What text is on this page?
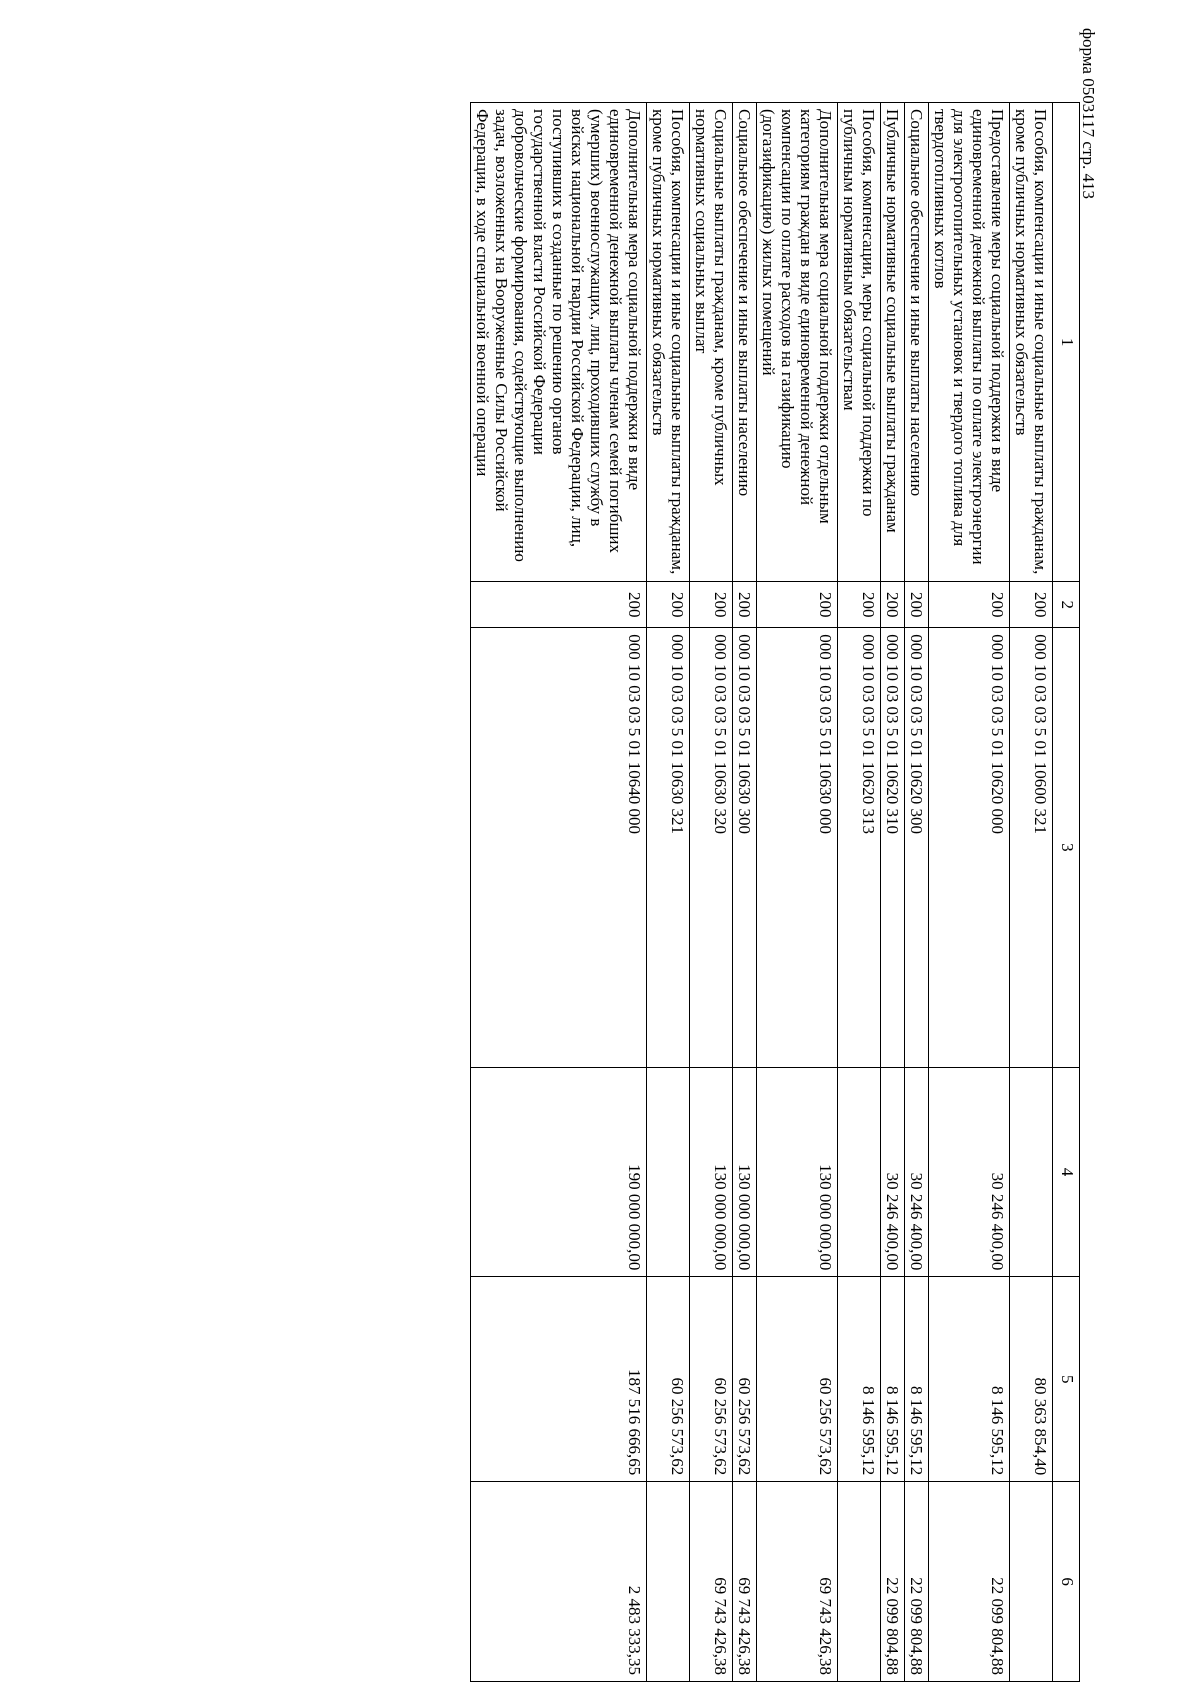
форма 0503117 стр. 413
1	2	3	4	5	6
Пособия, компенсации и иные социальные выплаты гражданам, кроме публичных нормативных обязательств	200	000 10 03 03 5 01 10600 321		80 363 854,40	
Предоставление меры социальной поддержки в виде единовременной денежной выплаты по оплате электроэнергии для электроотопительных установок и твердого топлива для твердотопливных котлов	200	000 10 03 03 5 01 10620 000	30 246 400,00	8 146 595,12	22 099 804,88
Социальное обеспечение и иные выплаты населению	200	000 10 03 03 5 01 10620 300	30 246 400,00	8 146 595,12	22 099 804,88
Публичные нормативные социальные выплаты гражданам	200	000 10 03 03 5 01 10620 310	30 246 400,00	8 146 595,12	22 099 804,88
Пособия, компенсации, меры социальной поддержки по публичным нормативным обязательствам	200	000 10 03 03 5 01 10620 313		8 146 595,12	
Дополнительная мера социальной поддержки отдельным категориям граждан в виде единовременной денежной компенсации по оплате расходов на газификацию (догазификацию) жилых помещений	200	000 10 03 03 5 01 10630 000	130 000 000,00	60 256 573,62	69 743 426,38
Социальное обеспечение и иные выплаты населению	200	000 10 03 03 5 01 10630 300	130 000 000,00	60 256 573,62	69 743 426,38
Социальные выплаты гражданам, кроме публичных нормативных социальных выплат	200	000 10 03 03 5 01 10630 320	130 000 000,00	60 256 573,62	69 743 426,38
Пособия, компенсации и иные социальные выплаты гражданам, кроме публичных нормативных обязательств	200	000 10 03 03 5 01 10630 321		60 256 573,62	
Дополнительная мера социальной поддержки в виде единовременной денежной выплаты членам семей погибших (умерших) военнослужащих, лиц, проходивших службу в войсках национальной гвардии Российской Федерации, лиц, поступивших в созданные по решению органов государственной власти Российской Федерации добровольческие формирования, содействующие выполнению задач, возложенных на Вооруженные Силы Российской Федерации, в ходе специальной военной операции	200	000 10 03 03 5 01 10640 000	190 000 000,00	187 516 666,65	2 483 333,35
